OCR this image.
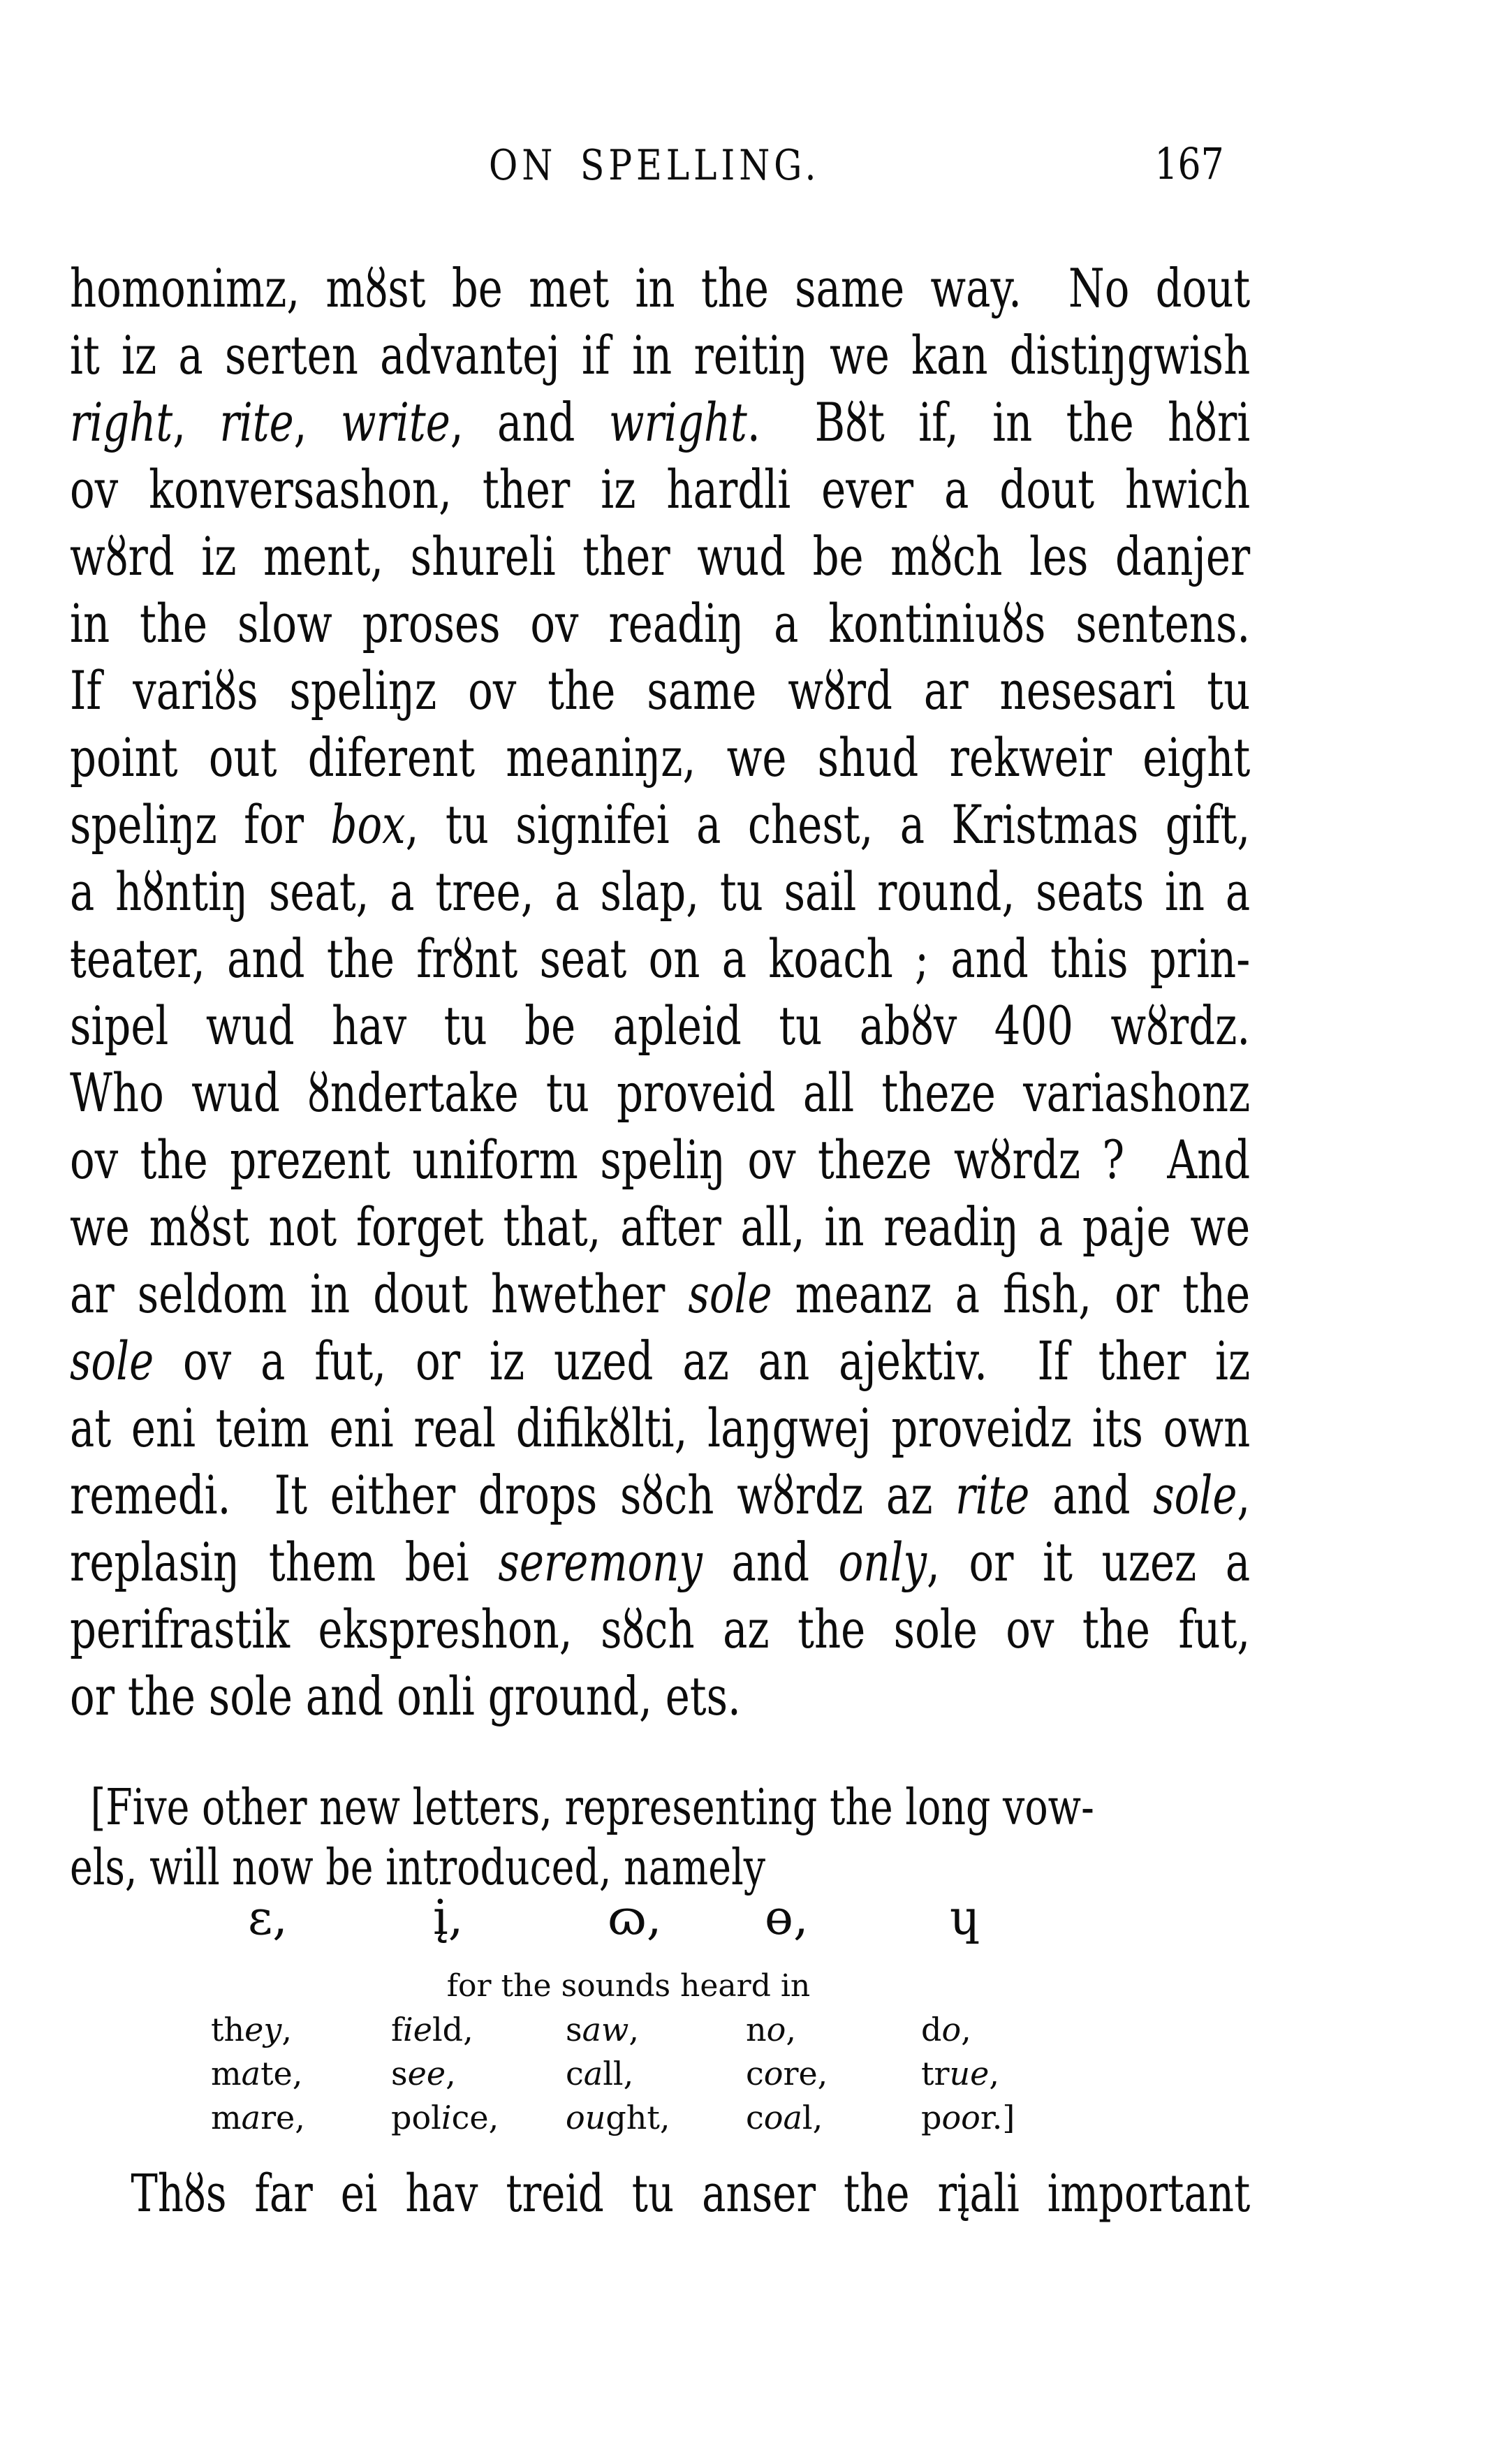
ON SPELLING.	167
homonimz, mȣst be met in the same way.  No dout
it iz a serten advantej if in reitiŋ we kan distiŋgwish
right, rite, write, and wright.  Bȣt if, in the hȣri
ov konversashon, ther iz hardli ever a dout hwich
wȣrd iz ment, shureli ther wud be mȣch les danjer
in the slow proses ov readiŋ a kontiniuȣs sentens.
If variȣs speliŋz ov the same wȣrd ar nesesari tu
point out diferent meaniŋz, we shud rekweir eight
speliŋz for box, tu signifei a chest, a Kristmas gift,
a hȣntiŋ seat, a tree, a slap, tu sail round, seats in a
ŧeater, and the frȣnt seat on a koach ; and this prin-
sipel wud hav tu be apleid tu abȣv 400 wȣrdz.
Who wud ȣndertake tu proveid all theze variashonz
ov the prezent uniform speliŋ ov theze wȣrdz ?  And
we mȣst not forget that, after all, in readiŋ a paje we
ar seldom in dout hwether sole meanz a fish, or the
sole ov a fut, or iz uzed az an ajektiv.  If ther iz
at eni teim eni real difikȣlti, laŋgwej proveidz its own
remedi.  It either drops sȣch wȣrdz az rite and sole,
replasiŋ them bei seremony and only, or it uzez a
perifrastik ekspreshon, sȣch az the sole ov the fut,
or the sole and onli ground, ets.
[Five other new letters, representing the long vow-
els, will now be introduced, namely
ε,	į,	ɷ, ɵ,	ɥ
for the sounds heard in
they,	field,	saw,	no,	do,
mate,	see,	call,	core,	true,
mare,	police, ought, coal,	poor.]
Thȣs far ei hav treid tu anser the rįali important
